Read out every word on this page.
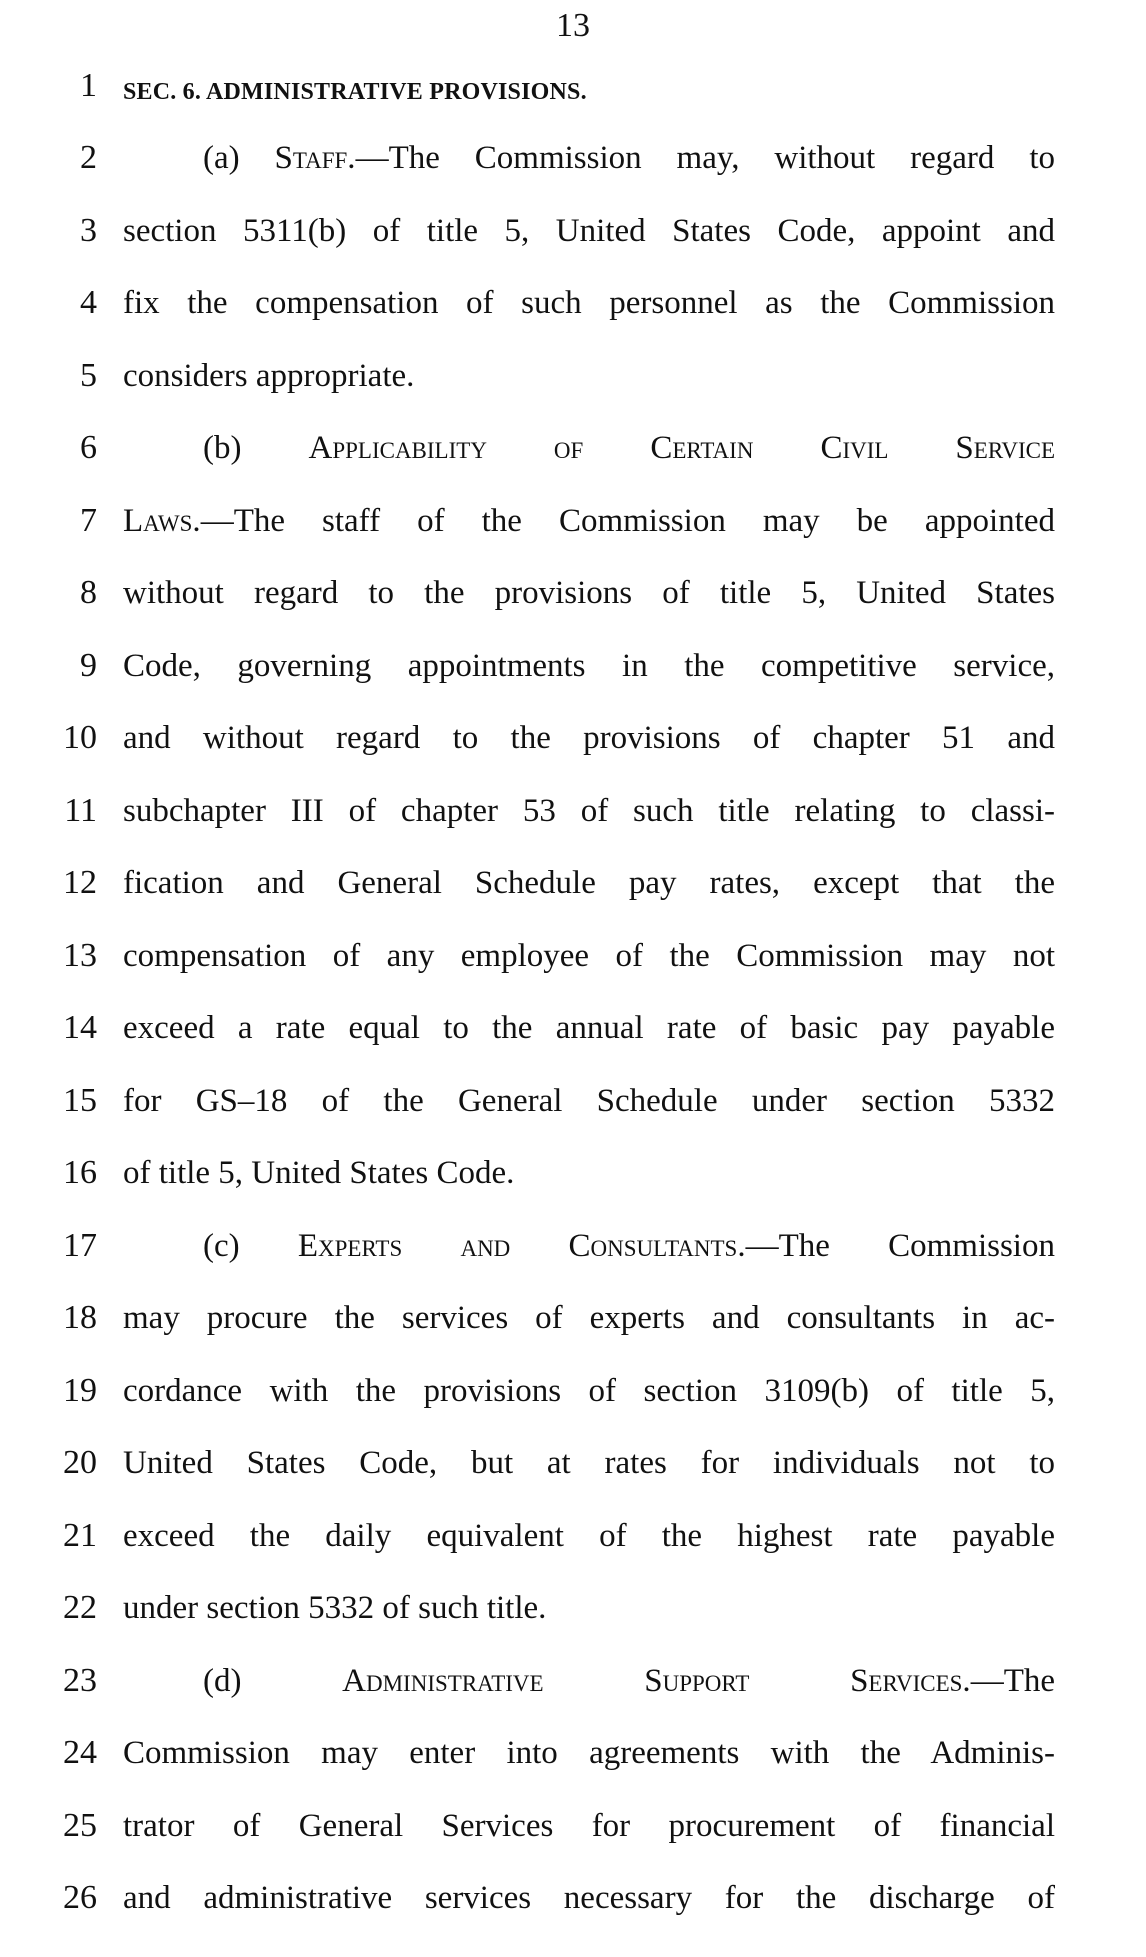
13
1 SEC. 6. ADMINISTRATIVE PROVISIONS.
2	(a) Staff.—The Commission may, without regard to
3 section 5311(b) of title 5, United States Code, appoint and
4 fix the compensation of such personnel as the Commission
5 considers appropriate.
6	(b) Applicability of Certain Civil Service
7 Laws.—The staff of the Commission may be appointed
8 without regard to the provisions of title 5, United States
9 Code, governing appointments in the competitive service,
10 and without regard to the provisions of chapter 51 and
11 subchapter III of chapter 53 of such title relating to classi-
12 fication and General Schedule pay rates, except that the
13 compensation of any employee of the Commission may not
14 exceed a rate equal to the annual rate of basic pay payable
15 for GS–18 of the General Schedule under section 5332
16 of title 5, United States Code.
17	(c) Experts and Consultants.—The Commission
18 may procure the services of experts and consultants in ac-
19 cordance with the provisions of section 3109(b) of title 5,
20 United States Code, but at rates for individuals not to
21 exceed the daily equivalent of the highest rate payable
22 under section 5332 of such title.
23	(d) Administrative Support Services.—The
24 Commission may enter into agreements with the Adminis-
25 trator of General Services for procurement of financial
26 and administrative services necessary for the discharge of
